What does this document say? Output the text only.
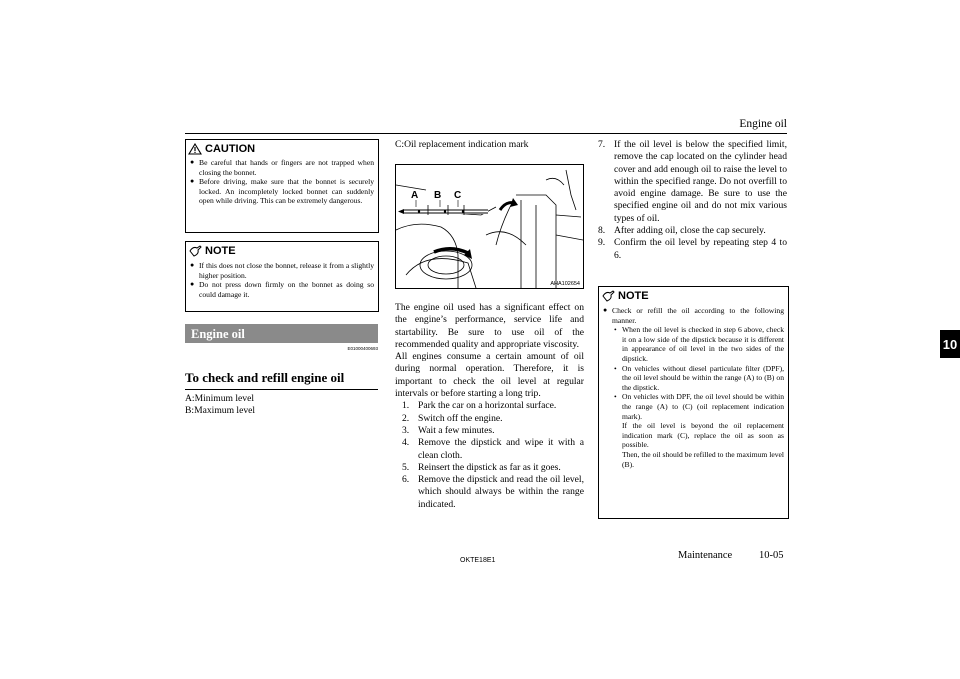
Engine oil
10
CAUTION
● Be careful that hands or fingers are not trapped when closing the bonnet.
● Before driving, make sure that the bonnet is securely locked. An incompletely locked bonnet can suddenly open while driving. This can be extremely dangerous.
NOTE
● If this does not close the bonnet, release it from a slightly higher position.
● Do not press down firmly on the bonnet as doing so could damage it.
Engine oil
E01000400693
To check and refill engine oil
A:Minimum level
B:Maximum level
C:Oil replacement indication mark
A B C
AHA102654
The engine oil used has a significant effect on the engine’s performance, service life and startability. Be sure to use oil of the recommended quality and appropriate viscosity.
All engines consume a certain amount of oil during normal operation. Therefore, it is important to check the oil level at regular intervals or before starting a long trip.
1. Park the car on a horizontal surface.
2. Switch off the engine.
3. Wait a few minutes.
4. Remove the dipstick and wipe it with a clean cloth.
5. Reinsert the dipstick as far as it goes.
6. Remove the dipstick and read the oil level, which should always be within the range indicated.
7. If the oil level is below the specified limit, remove the cap located on the cylinder head cover and add enough oil to raise the level to within the specified range. Do not overfill to avoid engine damage. Be sure to use the specified engine oil and do not mix various types of oil.
8. After adding oil, close the cap securely.
9. Confirm the oil level by repeating step 4 to 6.
NOTE
● Check or refill the oil according to the following manner.
• When the oil level is checked in step 6 above, check it on a low side of the dipstick because it is different in appearance of oil level in the two sides of the dipstick.
• On vehicles without diesel particulate filter (DPF), the oil level should be within the range (A) to (B) on the dipstick.
• On vehicles with DPF, the oil level should be within the range (A) to (C) (oil replacement indication mark).
If the oil level is beyond the oil replacement indication mark (C), replace the oil as soon as possible.
Then, the oil should be refilled to the maximum level (B).
OKTE18E1	Maintenance	10-05
